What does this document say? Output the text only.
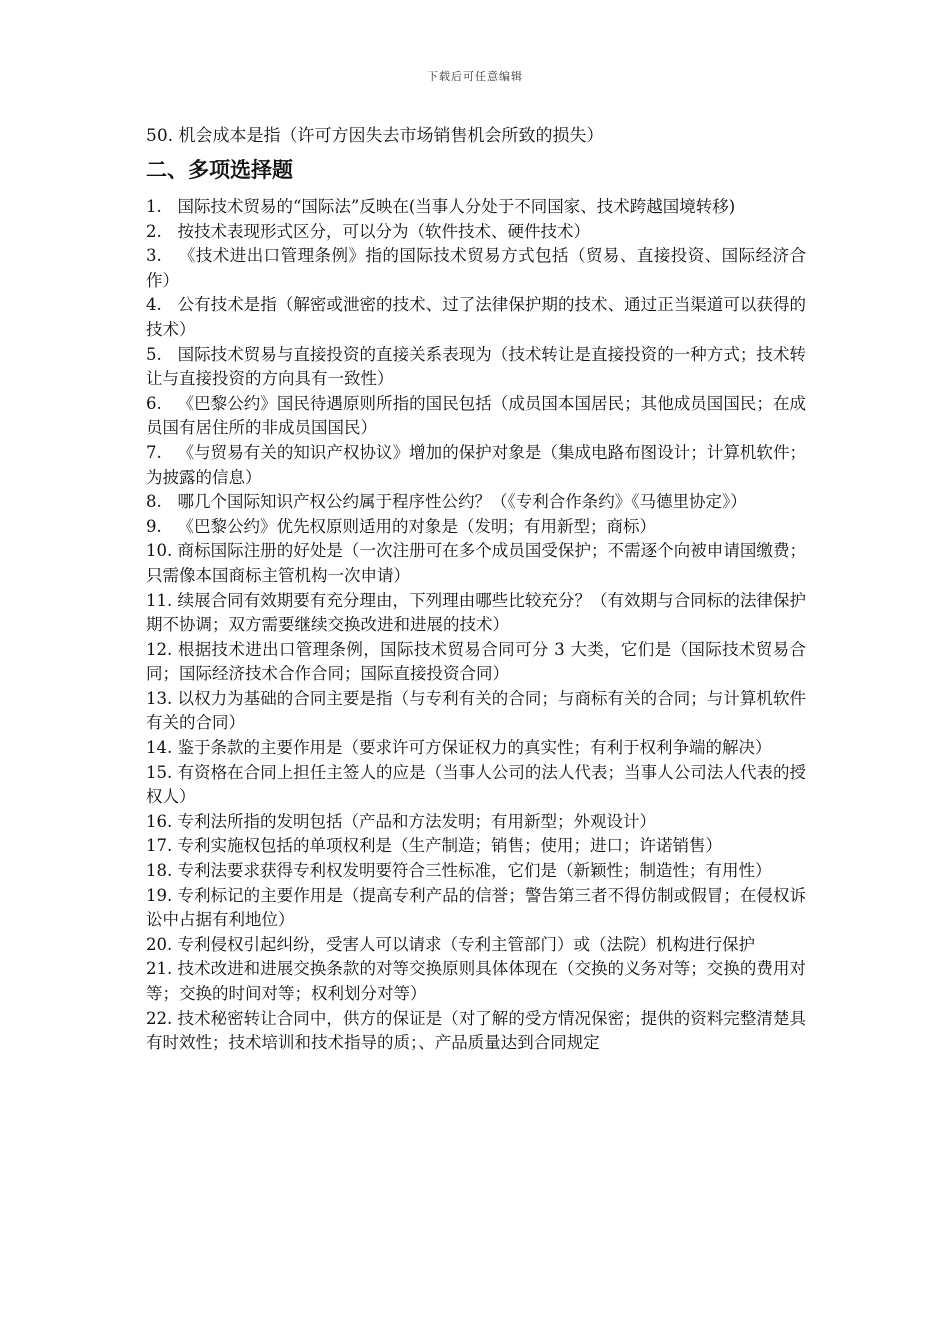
下载后可任意编辑

50. 机会成本是指（许可方因失去市场销售机会所致的损失）

二、多项选择题
1.   国际技术贸易的“国际法”反映在(当事人分处于不同国家、技术跨越国境转移)
2.   按技术表现形式区分，可以分为（软件技术、硬件技术）
3.   《技术进出口管理条例》指的国际技术贸易方式包括（贸易、直接投资、国际经济合作）
4.   公有技术是指（解密或泄密的技术、过了法律保护期的技术、通过正当渠道可以获得的技术）
5.   国际技术贸易与直接投资的直接关系表现为（技术转让是直接投资的一种方式；技术转让与直接投资的方向具有一致性）
6.   《巴黎公约》国民待遇原则所指的国民包括（成员国本国居民；其他成员国国民；在成员国有居住所的非成员国国民）
7.   《与贸易有关的知识产权协议》增加的保护对象是（集成电路布图设计；计算机软件；为披露的信息）
8.   哪几个国际知识产权公约属于程序性公约？（《专利合作条约》《马德里协定》）
9.   《巴黎公约》优先权原则适用的对象是（发明；有用新型；商标）
10. 商标国际注册的好处是（一次注册可在多个成员国受保护；不需逐个向被申请国缴费；只需像本国商标主管机构一次申请）
11. 续展合同有效期要有充分理由，下列理由哪些比较充分？（有效期与合同标的法律保护期不协调；双方需要继续交换改进和进展的技术）
12. 根据技术进出口管理条例，国际技术贸易合同可分 3 大类，它们是（国际技术贸易合同；国际经济技术合作合同；国际直接投资合同）
13. 以权力为基础的合同主要是指（与专利有关的合同；与商标有关的合同；与计算机软件有关的合同）
14. 鉴于条款的主要作用是（要求许可方保证权力的真实性；有利于权利争端的解决）
15. 有资格在合同上担任主签人的应是（当事人公司的法人代表；当事人公司法人代表的授权人）
16. 专利法所指的发明包括（产品和方法发明；有用新型；外观设计）
17. 专利实施权包括的单项权利是（生产制造；销售；使用；进口；许诺销售）
18. 专利法要求获得专利权发明要符合三性标准，它们是（新颖性；制造性；有用性）
19. 专利标记的主要作用是（提高专利产品的信誉；警告第三者不得仿制或假冒；在侵权诉讼中占据有利地位）
20. 专利侵权引起纠纷，受害人可以请求（专利主管部门）或（法院）机构进行保护
21. 技术改进和进展交换条款的对等交换原则具体体现在（交换的义务对等；交换的费用对等；交换的时间对等；权利划分对等）
22. 技术秘密转让合同中，供方的保证是（对了解的受方情况保密；提供的资料完整清楚具有时效性；技术培训和技术指导的质；、产品质量达到合同规定
